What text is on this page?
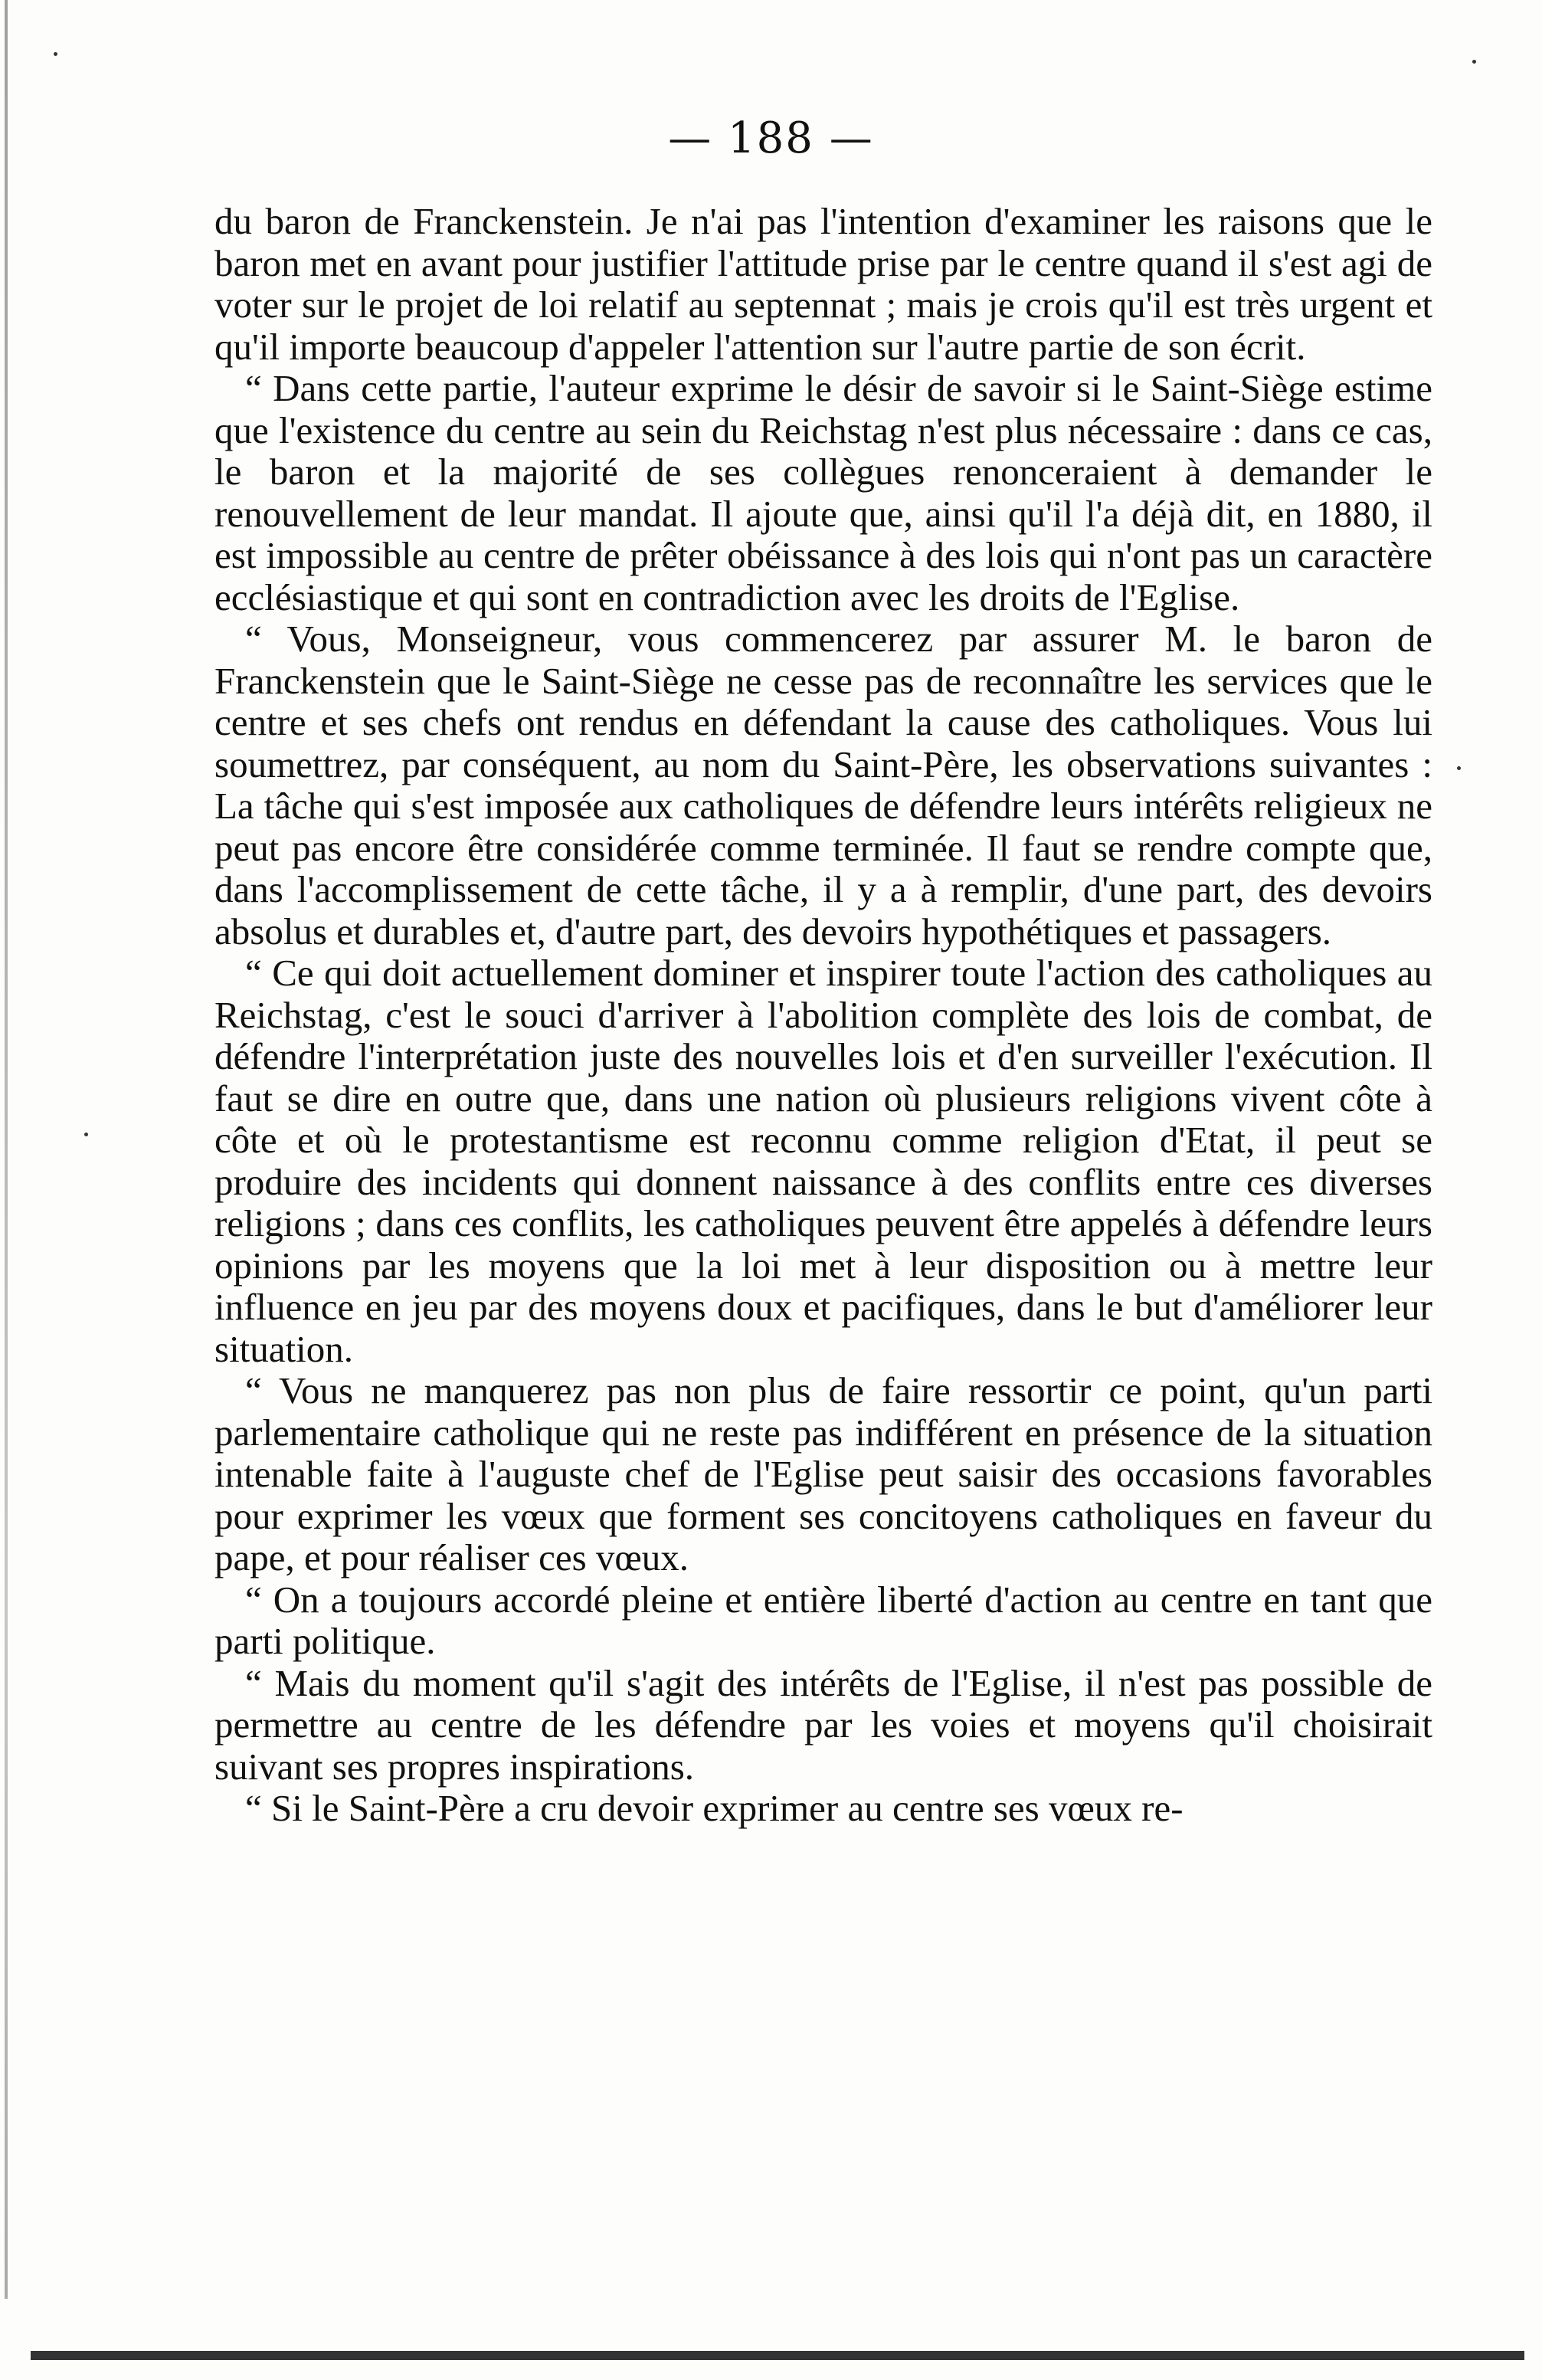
— 188 —

du baron de Franckenstein. Je n'ai pas l'intention d'examiner les raisons que le baron met en avant pour justifier l'attitude prise par le centre quand il s'est agi de voter sur le projet de loi relatif au septennat ; mais je crois qu'il est très urgent et qu'il importe beaucoup d'appeler l'attention sur l'autre partie de son écrit.

“ Dans cette partie, l'auteur exprime le désir de savoir si le Saint-Siège estime que l'existence du centre au sein du Reichstag n'est plus nécessaire : dans ce cas, le baron et la majorité de ses collègues renonceraient à demander le renouvellement de leur mandat. Il ajoute que, ainsi qu'il l'a déjà dit, en 1880, il est impossible au centre de prêter obéissance à des lois qui n'ont pas un caractère ecclésiastique et qui sont en contradiction avec les droits de l'Eglise.

“ Vous, Monseigneur, vous commencerez par assurer M. le baron de Franckenstein que le Saint-Siège ne cesse pas de reconnaître les services que le centre et ses chefs ont rendus en défendant la cause des catholiques. Vous lui soumettrez, par conséquent, au nom du Saint-Père, les observations suivantes : La tâche qui s'est imposée aux catholiques de défendre leurs intérêts religieux ne peut pas encore être considérée comme terminée. Il faut se rendre compte que, dans l'accomplissement de cette tâche, il y a à remplir, d'une part, des devoirs absolus et durables et, d'autre part, des devoirs hypothétiques et passagers.

“ Ce qui doit actuellement dominer et inspirer toute l'action des catholiques au Reichstag, c'est le souci d'arriver à l'abolition complète des lois de combat, de défendre l'interprétation juste des nouvelles lois et d'en surveiller l'exécution. Il faut se dire en outre que, dans une nation où plusieurs religions vivent côte à côte et où le protestantisme est reconnu comme religion d'Etat, il peut se produire des incidents qui donnent naissance à des conflits entre ces diverses religions ; dans ces conflits, les catholiques peuvent être appelés à défendre leurs opinions par les moyens que la loi met à leur disposition ou à mettre leur influence en jeu par des moyens doux et pacifiques, dans le but d'améliorer leur situation.

“ Vous ne manquerez pas non plus de faire ressortir ce point, qu'un parti parlementaire catholique qui ne reste pas indifférent en présence de la situation intenable faite à l'auguste chef de l'Eglise peut saisir des occasions favorables pour exprimer les vœux que forment ses concitoyens catholiques en faveur du pape, et pour réaliser ces vœux.

“ On a toujours accordé pleine et entière liberté d'action au centre en tant que parti politique.

“ Mais du moment qu'il s'agit des intérêts de l'Eglise, il n'est pas possible de permettre au centre de les défendre par les voies et moyens qu'il choisirait suivant ses propres inspirations.

“ Si le Saint-Père a cru devoir exprimer au centre ses vœux re-
